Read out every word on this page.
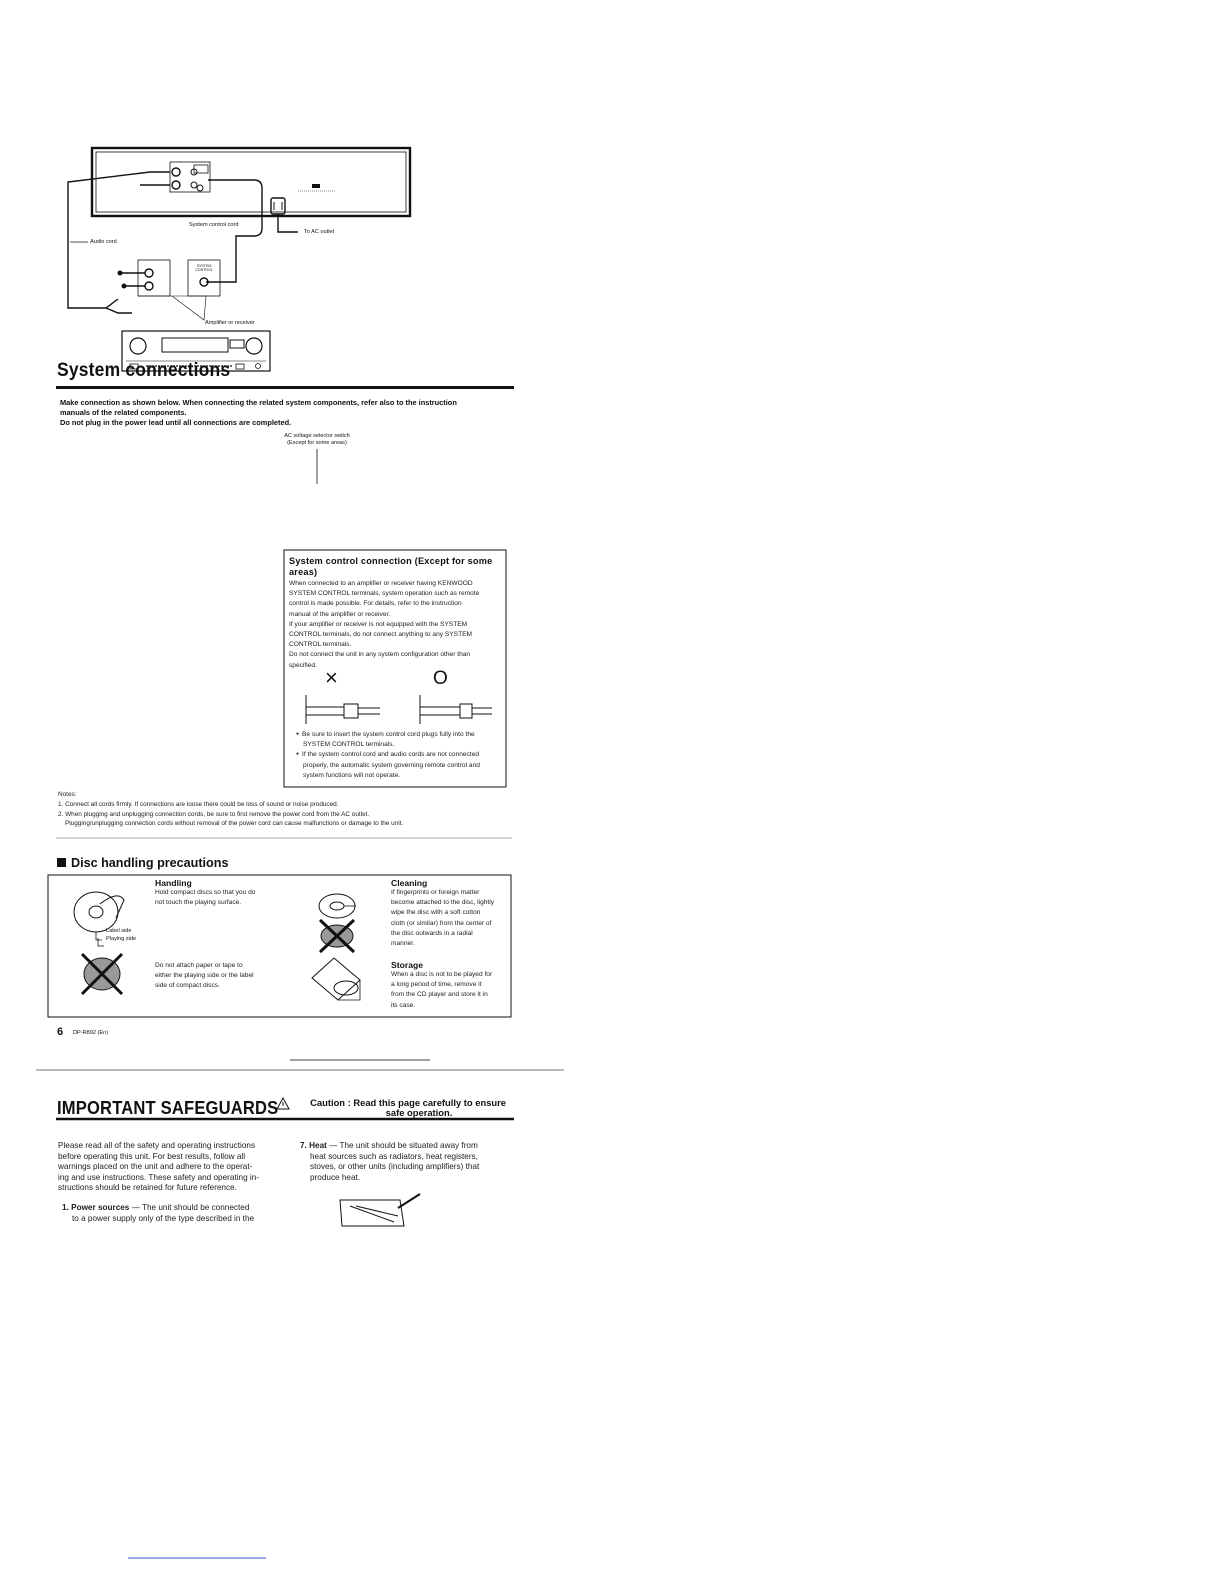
System connections
Make connection as shown below. When connecting the related system components, refer also to the instruction
manuals of the related components.
Do not plug in the power lead until all connections are completed.
AC voltage selector switch
(Except for some areas)
System control cord
To AC outlet
Audio cord
Amplifier or receiver
SYSTEM CONTROL
System control connection (Except for some areas)
When connected to an amplifier or receiver having KENWOOD
SYSTEM CONTROL terminals, system operation such as remote
control is made possible. For details, refer to the instruction
manual of the amplifier or receiver.
If your amplifier or receiver is not equipped with the SYSTEM
CONTROL terminals, do not connect anything to any SYSTEM
CONTROL terminals.
Do not connect the unit in any system configuration other than
specified. ×	O
● Be sure to insert the system control cord plugs fully into the
SYSTEM CONTROL terminals.
● If the system control cord and audio cords are not connected
properly, the automatic system governing remote control and
system functions will not operate.
Notes:
1. Connect all cords firmly. If connections are loose there could be loss of sound or noise produced.
2. When plugging and unplugging connection cords, be sure to first remove the power cord from the AC outlet.
Plugging/unplugging connection cords without removal of the power cord can cause malfunctions or damage to the unit.
Disc handling precautions
Handling
Hold compact discs so that you do
not touch the playing surface.
Label side
Playing side
Do not attach paper or tape to
either the playing side or the label
side of compact discs.
Cleaning
If fingerprints or foreign matter
become attached to the disc, lightly
wipe the disc with a soft cotton
cloth (or similar) from the center of
the disc outwards in a radial
manner.
Storage
When a disc is not to be played for
a long period of time, remove it
from the CD player and store it in
its case.
6 DP-R892 (En)
IMPORTANT SAFEGUARDS	Caution : Read this page carefully to ensure
safe operation.
Please read all of the safety and operating instructions
before operating this unit. For best results, follow all
warnings placed on the unit and adhere to the operat-
ing and use instructions. These safety and operating in-
structions should be retained for future reference.
1. Power sources — The unit should be connected
to a power supply only of the type described in the
7. Heat — The unit should be situated away from
heat sources such as radiators, heat registers,
stoves, or other units (including amplifiers) that
produce heat.
